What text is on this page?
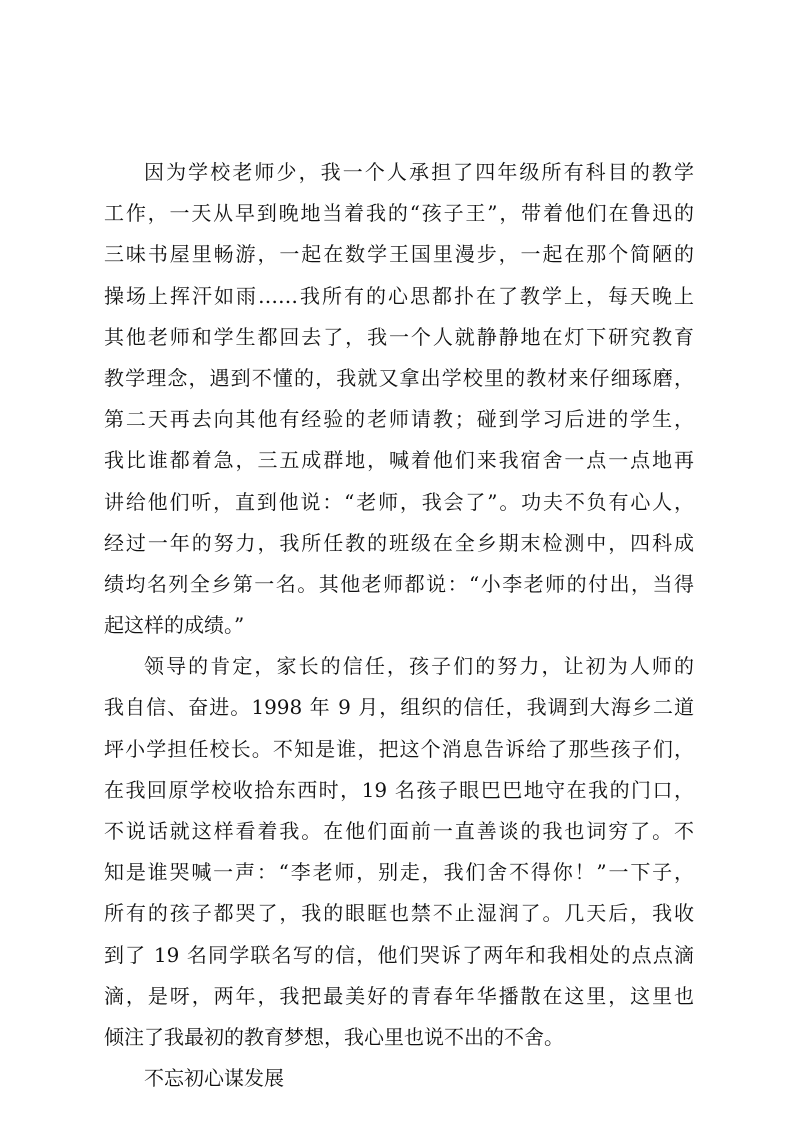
因为学校老师少，我一个人承担了四年级所有科目的教学
工作，一天从早到晚地当着我的“孩子王”，带着他们在鲁迅的
三味书屋里畅游，一起在数学王国里漫步，一起在那个简陋的
操场上挥汗如雨……我所有的心思都扑在了教学上，每天晚上
其他老师和学生都回去了，我一个人就静静地在灯下研究教育
教学理念，遇到不懂的，我就又拿出学校里的教材来仔细琢磨，
第二天再去向其他有经验的老师请教；碰到学习后进的学生，
我比谁都着急，三五成群地，喊着他们来我宿舍一点一点地再
讲给他们听，直到他说：“老师，我会了”。功夫不负有心人，
经过一年的努力，我所任教的班级在全乡期末检测中，四科成
绩均名列全乡第一名。其他老师都说：“小李老师的付出，当得
起这样的成绩。”
领导的肯定，家长的信任，孩子们的努力，让初为人师的
我自信、奋进。1998 年 9 月，组织的信任，我调到大海乡二道
坪小学担任校长。不知是谁，把这个消息告诉给了那些孩子们，
在我回原学校收拾东西时，19 名孩子眼巴巴地守在我的门口，
不说话就这样看着我。在他们面前一直善谈的我也词穷了。不
知是谁哭喊一声：“李老师，别走，我们舍不得你！”一下子，
所有的孩子都哭了，我的眼眶也禁不止湿润了。几天后，我收
到了 19 名同学联名写的信，他们哭诉了两年和我相处的点点滴
滴，是呀，两年，我把最美好的青春年华播散在这里，这里也
倾注了我最初的教育梦想，我心里也说不出的不舍。
不忘初心谋发展
